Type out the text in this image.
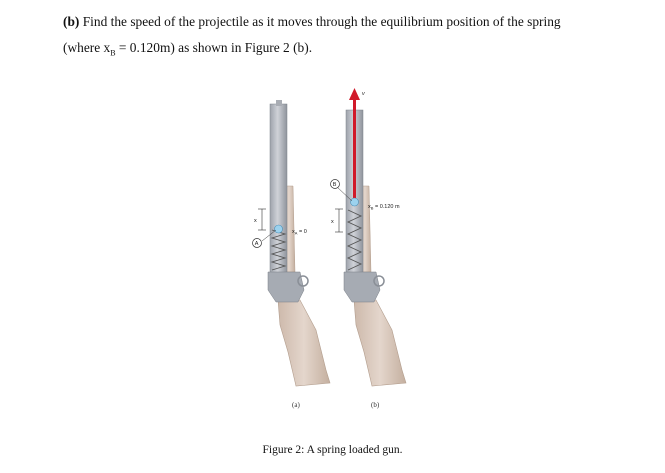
(b) Find the speed of the projectile as it moves through the equilibrium position of the spring
(where $x_B = 0.120m$) as shown in Figure 2 (b).
x
A
$x_A = 0$
(a)
v
x
B
$x_B = 0.120$ m
(b)
Figure 2: A spring loaded gun.
